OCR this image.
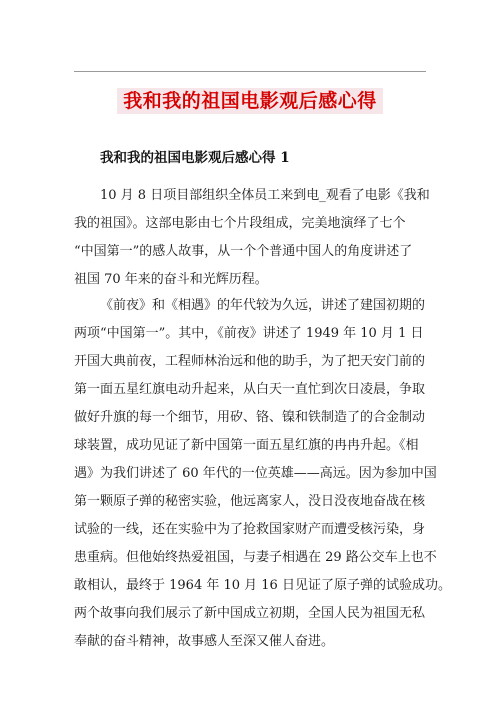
我和我的祖国电影观后感心得
我和我的祖国电影观后感心得 1

10 月 8 日项目部组织全体员工来到电_观看了电影《我和
我的祖国》。这部电影由七个片段组成，完美地演绎了七个
“中国第一”的感人故事，从一个个普通中国人的角度讲述了
祖国 70 年来的奋斗和光辉历程。

《前夜》和《相遇》的年代较为久远，讲述了建国初期的
两项“中国第一”。其中，《前夜》讲述了 1949 年 10 月 1 日
开国大典前夜，工程师林治远和他的助手，为了把天安门前的
第一面五星红旗电动升起来，从白天一直忙到次日凌晨，争取
做好升旗的每一个细节，用矽、铬、镍和铁制造了的合金制动
球装置，成功见证了新中国第一面五星红旗的冉冉升起。《相
遇》为我们讲述了 60 年代的一位英雄——高远。因为参加中国
第一颗原子弹的秘密实验，他远离家人，没日没夜地奋战在核
试验的一线，还在实验中为了抢救国家财产而遭受核污染，身
患重病。但他始终热爱祖国，与妻子相遇在 29 路公交车上也不
敢相认，最终于 1964 年 10 月 16 日见证了原子弹的试验成功。
两个故事向我们展示了新中国成立初期，全国人民为祖国无私
奉献的奋斗精神，故事感人至深又催人奋进。
